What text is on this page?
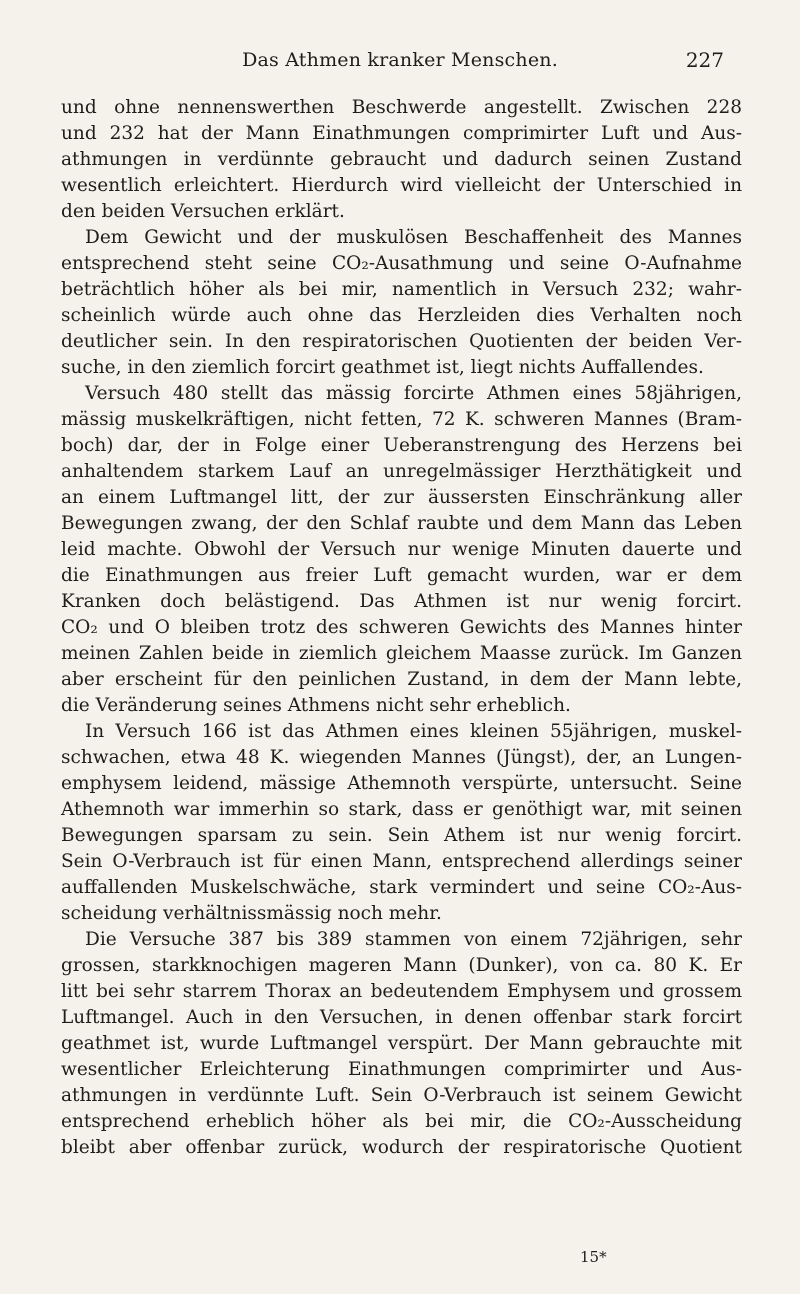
Das Athmen kranker Menschen.	227
und ohne nennenswerthen Beschwerde angestellt. Zwischen 228
und 232 hat der Mann Einathmungen comprimirter Luft und Aus-
athmungen in verdünnte gebraucht und dadurch seinen Zustand
wesentlich erleichtert. Hierdurch wird vielleicht der Unterschied in
den beiden Versuchen erklärt.
Dem Gewicht und der muskulösen Beschaffenheit des Mannes
entsprechend steht seine CO₂-Ausathmung und seine O-Aufnahme
beträchtlich höher als bei mir, namentlich in Versuch 232; wahr-
scheinlich würde auch ohne das Herzleiden dies Verhalten noch
deutlicher sein. In den respiratorischen Quotienten der beiden Ver-
suche, in den ziemlich forcirt geathmet ist, liegt nichts Auffallendes.
Versuch 480 stellt das mässig forcirte Athmen eines 58jährigen,
mässig muskelkräftigen, nicht fetten, 72 K. schweren Mannes (Bram-
boch) dar, der in Folge einer Ueberanstrengung des Herzens bei
anhaltendem starkem Lauf an unregelmässiger Herzthätigkeit und
an einem Luftmangel litt, der zur äussersten Einschränkung aller
Bewegungen zwang, der den Schlaf raubte und dem Mann das Leben
leid machte. Obwohl der Versuch nur wenige Minuten dauerte und
die Einathmungen aus freier Luft gemacht wurden, war er dem
Kranken doch belästigend. Das Athmen ist nur wenig forcirt.
CO₂ und O bleiben trotz des schweren Gewichts des Mannes hinter
meinen Zahlen beide in ziemlich gleichem Maasse zurück. Im Ganzen
aber erscheint für den peinlichen Zustand, in dem der Mann lebte,
die Veränderung seines Athmens nicht sehr erheblich.
In Versuch 166 ist das Athmen eines kleinen 55jährigen, muskel-
schwachen, etwa 48 K. wiegenden Mannes (Jüngst), der, an Lungen-
emphysem leidend, mässige Athemnoth verspürte, untersucht. Seine
Athemnoth war immerhin so stark, dass er genöthigt war, mit seinen
Bewegungen sparsam zu sein. Sein Athem ist nur wenig forcirt.
Sein O-Verbrauch ist für einen Mann, entsprechend allerdings seiner
auffallenden Muskelschwäche, stark vermindert und seine CO₂-Aus-
scheidung verhältnissmässig noch mehr.
Die Versuche 387 bis 389 stammen von einem 72jährigen, sehr
grossen, starkknochigen mageren Mann (Dunker), von ca. 80 K. Er
litt bei sehr starrem Thorax an bedeutendem Emphysem und grossem
Luftmangel. Auch in den Versuchen, in denen offenbar stark forcirt
geathmet ist, wurde Luftmangel verspürt. Der Mann gebrauchte mit
wesentlicher Erleichterung Einathmungen comprimirter und Aus-
athmungen in verdünnte Luft. Sein O-Verbrauch ist seinem Gewicht
entsprechend erheblich höher als bei mir, die CO₂-Ausscheidung
bleibt aber offenbar zurück, wodurch der respiratorische Quotient
15*
